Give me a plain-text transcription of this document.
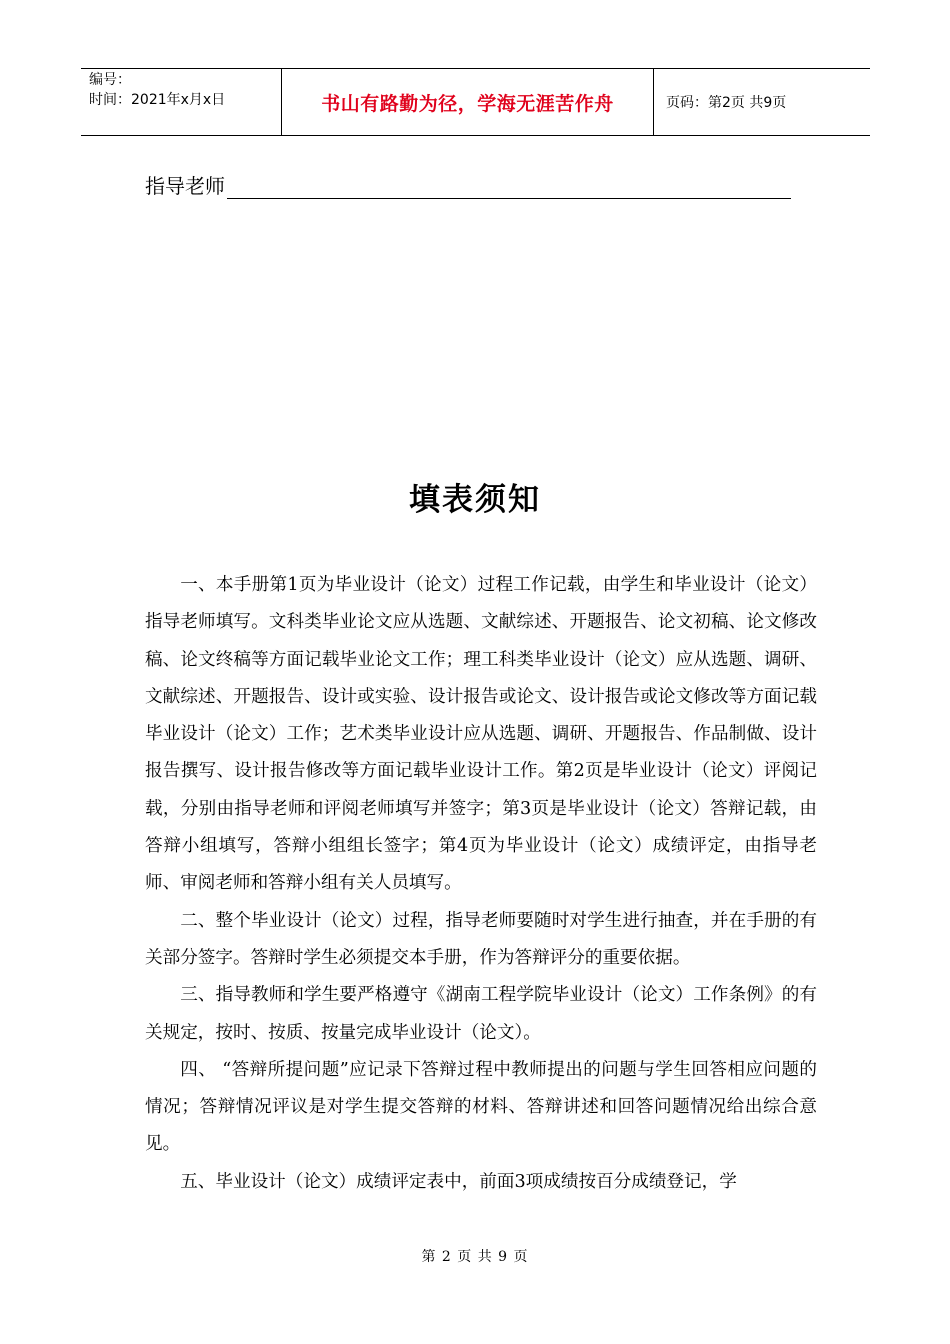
编号：
时间：2021年x月x日	书山有路勤为径，学海无涯苦作舟	页码：第2页 共9页
指导老师
填表须知

一、本手册第1页为毕业设计（论文）过程工作记载，由学生和毕业设计（论文）指导老师填写。文科类毕业论文应从选题、文献综述、开题报告、论文初稿、论文修改稿、论文终稿等方面记载毕业论文工作；理工科类毕业设计（论文）应从选题、调研、文献综述、开题报告、设计或实验、设计报告或论文、设计报告或论文修改等方面记载毕业设计（论文）工作；艺术类毕业设计应从选题、调研、开题报告、作品制做、设计报告撰写、设计报告修改等方面记载毕业设计工作。第2页是毕业设计（论文）评阅记载，分别由指导老师和评阅老师填写并签字；第3页是毕业设计（论文）答辩记载，由答辩小组填写，答辩小组组长签字；第4页为毕业设计（论文）成绩评定，由指导老师、审阅老师和答辩小组有关人员填写。

二、整个毕业设计（论文）过程，指导老师要随时对学生进行抽查，并在手册的有关部分签字。答辩时学生必须提交本手册，作为答辩评分的重要依据。

三、指导教师和学生要严格遵守《湖南工程学院毕业设计（论文）工作条例》的有关规定，按时、按质、按量完成毕业设计（论文）。

四、 “答辩所提问题”应记录下答辩过程中教师提出的问题与学生回答相应问题的情况；答辩情况评议是对学生提交答辩的材料、答辩讲述和回答问题情况给出综合意见。

五、毕业设计（论文）成绩评定表中，前面3项成绩按百分成绩登记，学

第 2 页 共 9 页
